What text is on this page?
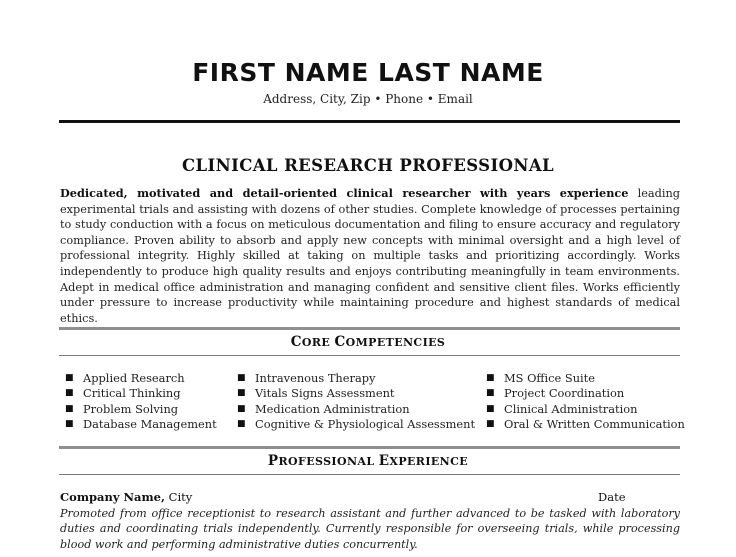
FIRST NAME LAST NAME
Address, City, Zip • Phone • Email
CLINICAL RESEARCH PROFESSIONAL
Dedicated, motivated and detail-oriented clinical researcher with years experience leading experimental trials and assisting with dozens of other studies. Complete knowledge of processes pertaining to study conduction with a focus on meticulous documentation and filing to ensure accuracy and regulatory compliance. Proven ability to absorb and apply new concepts with minimal oversight and a high level of professional integrity. Highly skilled at taking on multiple tasks and prioritizing accordingly. Works independently to produce high quality results and enjoys contributing meaningfully in team environments. Adept in medical office administration and managing confident and sensitive client files. Works efficiently under pressure to increase productivity while maintaining procedure and highest standards of medical ethics.
CORE COMPETENCIES
■ Applied Research
■ Critical Thinking
■ Problem Solving
■ Database Management
■ Intravenous Therapy
■ Vitals Signs Assessment
■ Medication Administration
■ Cognitive & Physiological Assessment
■ MS Office Suite
■ Project Coordination
■ Clinical Administration
■ Oral & Written Communication
PROFESSIONAL EXPERIENCE
Company Name, City	Date
Promoted from office receptionist to research assistant and further advanced to be tasked with laboratory duties and coordinating trials independently. Currently responsible for overseeing trials, while processing blood work and performing administrative duties concurrently.
